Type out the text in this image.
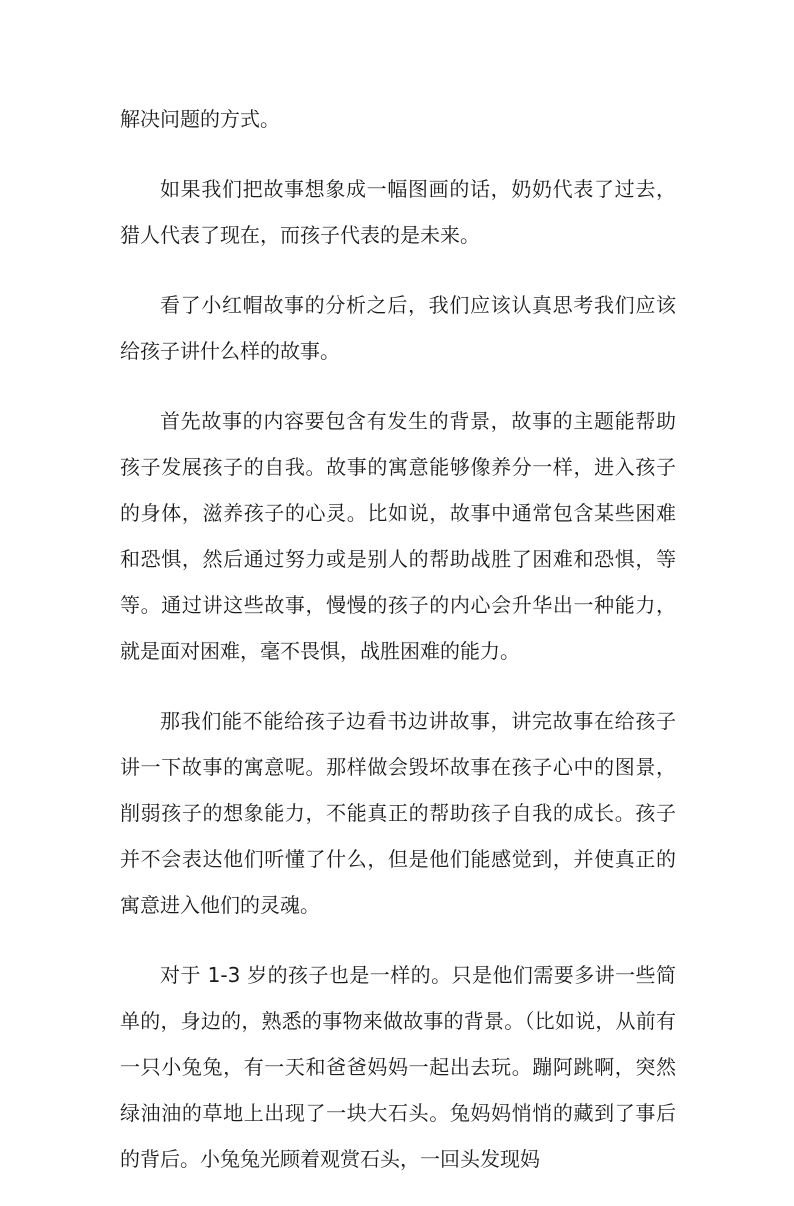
解决问题的方式。

如果我们把故事想象成一幅图画的话，奶奶代表了过去，猎人代表了现在，而孩子代表的是未来。

看了小红帽故事的分析之后，我们应该认真思考我们应该给孩子讲什么样的故事。

首先故事的内容要包含有发生的背景，故事的主题能帮助孩子发展孩子的自我。故事的寓意能够像养分一样，进入孩子的身体，滋养孩子的心灵。比如说，故事中通常包含某些困难和恐惧，然后通过努力或是别人的帮助战胜了困难和恐惧，等等。通过讲这些故事，慢慢的孩子的内心会升华出一种能力，就是面对困难，毫不畏惧，战胜困难的能力。

那我们能不能给孩子边看书边讲故事，讲完故事在给孩子讲一下故事的寓意呢。那样做会毁坏故事在孩子心中的图景，削弱孩子的想象能力，不能真正的帮助孩子自我的成长。孩子并不会表达他们听懂了什么，但是他们能感觉到，并使真正的寓意进入他们的灵魂。

对于 1-3 岁的孩子也是一样的。只是他们需要多讲一些简单的，身边的，熟悉的事物来做故事的背景。（比如说，从前有一只小兔兔，有一天和爸爸妈妈一起出去玩。蹦阿跳啊，突然绿油油的草地上出现了一块大石头。兔妈妈悄悄的藏到了事后的背后。小兔兔光顾着观赏石头，一回头发现妈
